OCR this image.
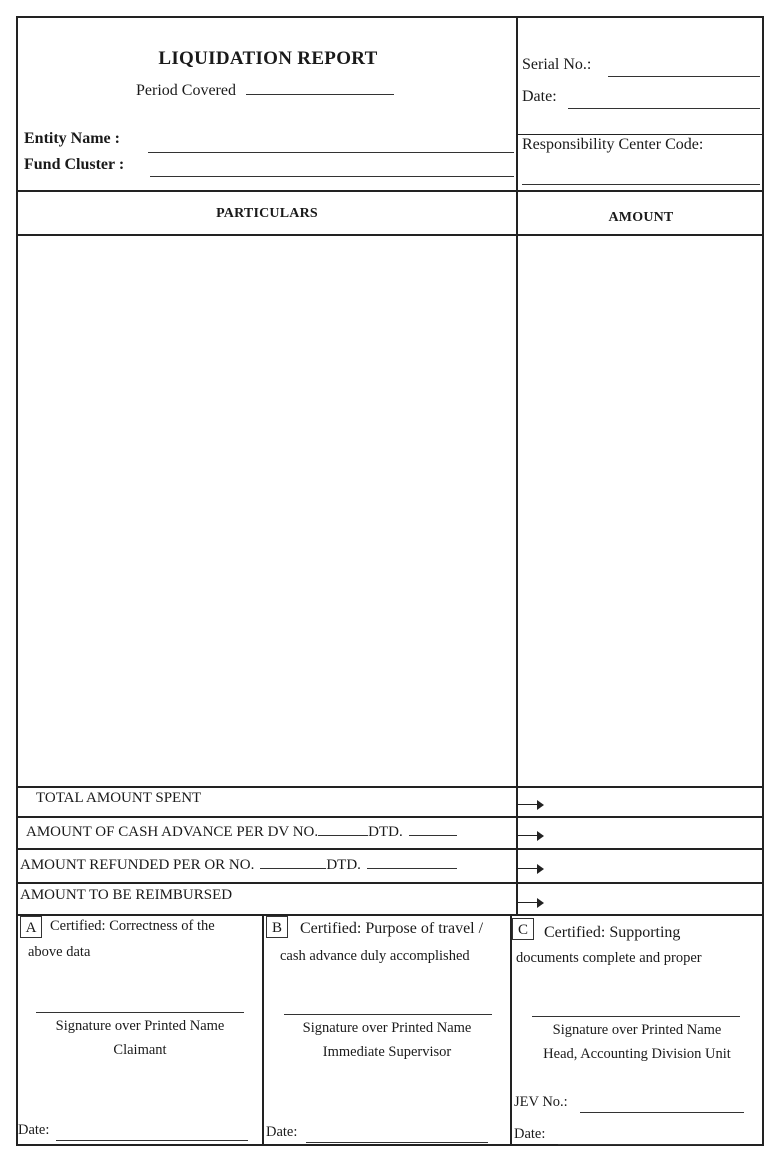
LIQUIDATION REPORT
Period Covered
Entity Name :
Fund Cluster :
Serial No.:
Date:
Responsibility Center Code:
PARTICULARS	AMOUNT
TOTAL AMOUNT SPENT
AMOUNT OF CASH ADVANCE PER DV NO.	DTD.
AMOUNT REFUNDED PER OR NO.	DTD.
AMOUNT TO BE REIMBURSED
A Certified: Correctness of the
above data
Signature over Printed Name
Claimant
Date:
B	Certified: Purpose of travel /
cash advance duly accomplished
Signature over Printed Name
Immediate Supervisor
Date:
C	Certified: Supporting
documents complete and proper
Signature over Printed Name
Head, Accounting Division Unit
JEV No.:
Date:
